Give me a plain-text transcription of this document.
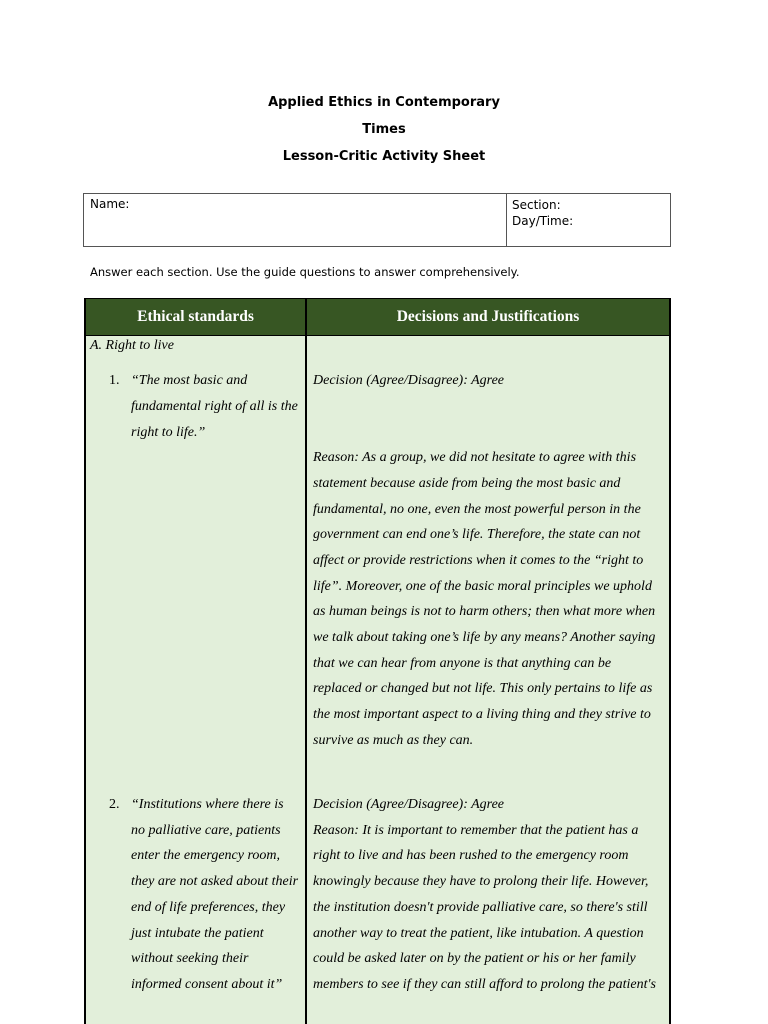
Applied Ethics in Contemporary
Times
Lesson-Critic Activity Sheet
Name:	Section:
Day/Time:
Answer each section. Use the guide questions to answer comprehensively.
Ethical standards	Decisions and Justifications
A. Right to live
1. “The most basic and
fundamental right of all is the
right to life.”
Decision (Agree/Disagree): Agree
Reason: As a group, we did not hesitate to agree with this
statement because aside from being the most basic and
fundamental, no one, even the most powerful person in the
government can end one’s life. Therefore, the state can not
affect or provide restrictions when it comes to the “right to
life”. Moreover, one of the basic moral principles we uphold
as human beings is not to harm others; then what more when
we talk about taking one’s life by any means? Another saying
that we can hear from anyone is that anything can be
replaced or changed but not life. This only pertains to life as
the most important aspect to a living thing and they strive to
survive as much as they can.
2. “Institutions where there is
no palliative care, patients
enter the emergency room,
they are not asked about their
end of life preferences, they
just intubate the patient
without seeking their
informed consent about it”
Decision (Agree/Disagree): Agree
Reason: It is important to remember that the patient has a
right to live and has been rushed to the emergency room
knowingly because they have to prolong their life. However,
the institution doesn't provide palliative care, so there's still
another way to treat the patient, like intubation. A question
could be asked later on by the patient or his or her family
members to see if they can still afford to prolong the patient's
